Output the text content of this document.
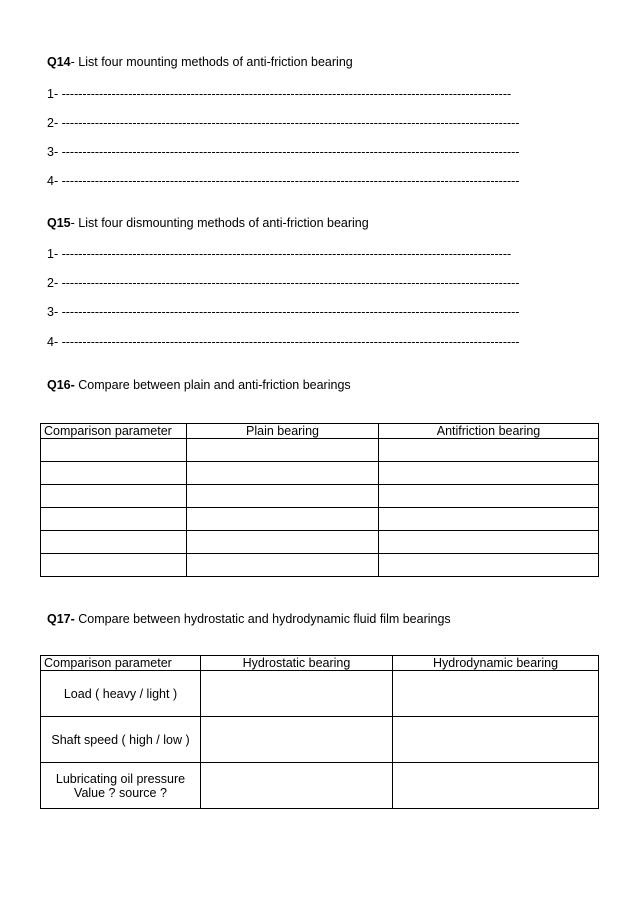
Q14- List four mounting methods of anti-friction bearing
1- ------------------------------------------------------------------------------------------------------------
2- --------------------------------------------------------------------------------------------------------------
3- --------------------------------------------------------------------------------------------------------------
4- --------------------------------------------------------------------------------------------------------------
Q15- List four dismounting methods of anti-friction bearing
1- ------------------------------------------------------------------------------------------------------------
2- --------------------------------------------------------------------------------------------------------------
3- --------------------------------------------------------------------------------------------------------------
4- --------------------------------------------------------------------------------------------------------------
Q16- Compare between plain and anti-friction bearings
Comparison parameter	Plain bearing	Antifriction bearing

Q17- Compare between hydrostatic and hydrodynamic fluid film bearings
Comparison parameter	Hydrostatic bearing	Hydrodynamic bearing
Load ( heavy / light )		
Shaft speed ( high / low )		
Lubricating oil pressure Value ? source ?		
